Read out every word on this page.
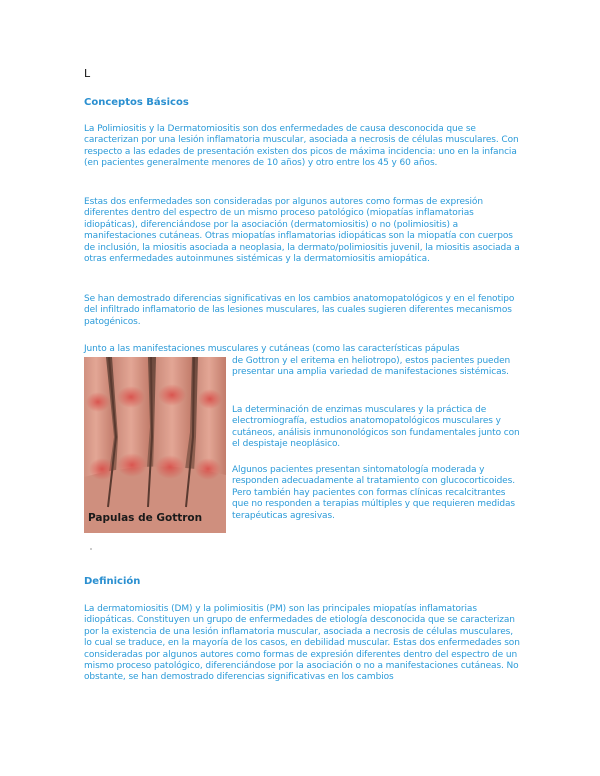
L
Conceptos Básicos

La Polimiositis y la Dermatomiositis son dos enfermedades de causa desconocida que se caracterizan por una lesión inflamatoria muscular, asociada a necrosis de células musculares. Con respecto a las edades de presentación existen dos picos de máxima incidencia: uno en la infancia (en pacientes generalmente menores de 10 años) y otro entre los 45 y 60 años.

Estas dos enfermedades son consideradas por algunos autores como formas de expresión diferentes dentro del espectro de un mismo proceso patológico (miopatías inflamatorias idiopáticas), diferenciándose por la asociación (dermatomiositis) o no (polimiositis) a manifestaciones cutáneas. Otras miopatías inflamatorias idiopáticas son la miopatía con cuerpos de inclusión, la miositis asociada a neoplasia, la dermato/polimiositis juvenil, la miositis asociada a otras enfermedades autoinmunes sistémicas y la dermatomiositis amiopática.

Se han demostrado diferencias significativas en los cambios anatomopatológicos y en el fenotipo del infiltrado inflamatorio de las lesiones musculares, las cuales sugieren diferentes mecanismos patogénicos.

Junto a las manifestaciones musculares y cutáneas (como las características pápulas

Papulas de Gottron

de Gottron y el eritema en heliotropo), estos pacientes pueden presentar una amplia variedad de manifestaciones sistémicas.

La determinación de enzimas musculares y la práctica de electromiografía, estudios anatomopatológicos musculares y cutáneos, análisis inmunonológicos son fundamentales junto con el despistaje neoplásico.

Algunos pacientes presentan sintomatología moderada y responden adecuadamente al tratamiento con glucocorticoides. Pero también hay pacientes con formas clínicas recalcitrantes que no responden a terapias múltiples y que requieren medidas terapéuticas agresivas.

Definición

La dermatomiositis (DM) y la polimiositis (PM) son las principales miopatías inflamatorias idiopáticas. Constituyen un grupo de enfermedades de etiología desconocida que se caracterizan por la existencia de una lesión inflamatoria muscular, asociada a necrosis de células musculares, lo cual se traduce, en la mayoría de los casos, en debilidad muscular. Estas dos enfermedades son consideradas por algunos autores como formas de expresión diferentes dentro del espectro de un mismo proceso patológico, diferenciándose por la asociación o no a manifestaciones cutáneas. No obstante, se han demostrado diferencias significativas en los cambios
